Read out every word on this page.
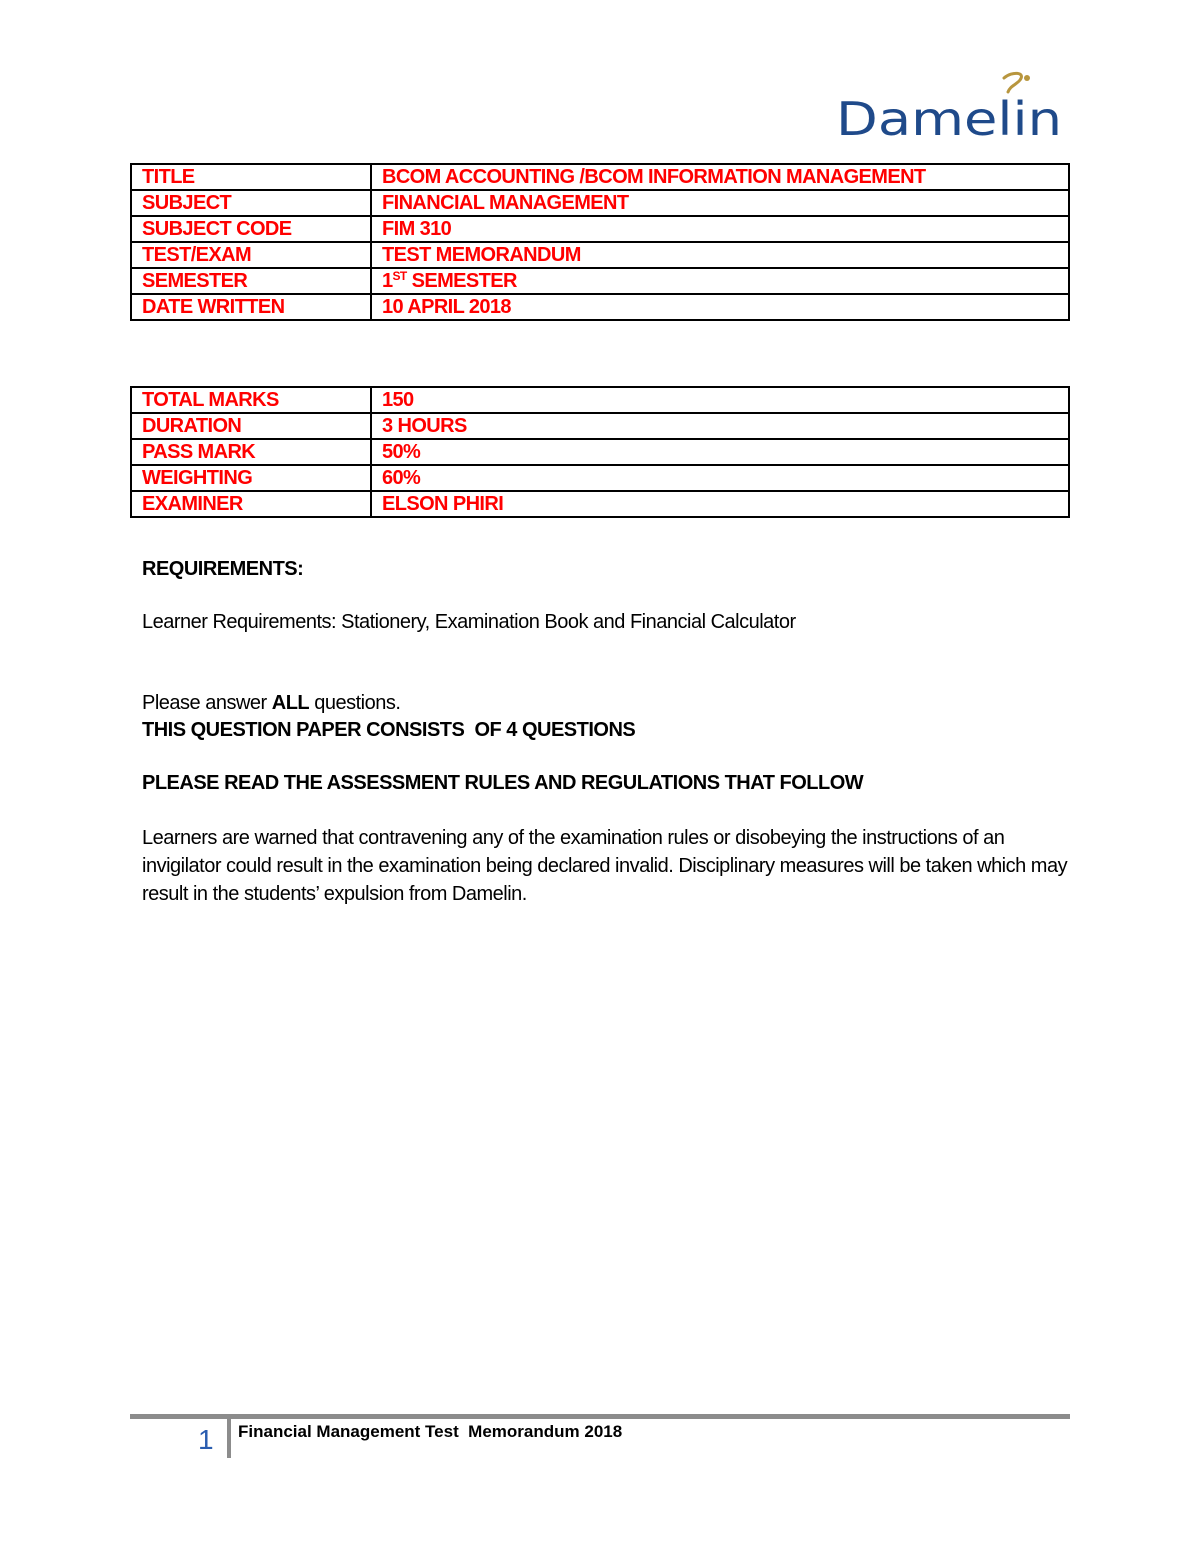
Damelin
TITLE	BCOM ACCOUNTING /BCOM INFORMATION MANAGEMENT
SUBJECT	FINANCIAL MANAGEMENT
SUBJECT CODE	FIM 310
TEST/EXAM	TEST MEMORANDUM
SEMESTER	1ST SEMESTER
DATE WRITTEN	10 APRIL 2018
TOTAL MARKS	150
DURATION	3 HOURS
PASS MARK	50%
WEIGHTING	60%
EXAMINER	ELSON PHIRI
REQUIREMENTS:
Learner Requirements: Stationery, Examination Book and Financial Calculator
Please answer ALL questions.
THIS QUESTION PAPER CONSISTS  OF 4 QUESTIONS
PLEASE READ THE ASSESSMENT RULES AND REGULATIONS THAT FOLLOW
Learners are warned that contravening any of the examination rules or disobeying the instructions of an invigilator could result in the examination being declared invalid. Disciplinary measures will be taken which may result in the students’ expulsion from Damelin.
1 Financial Management Test  Memorandum 2018
